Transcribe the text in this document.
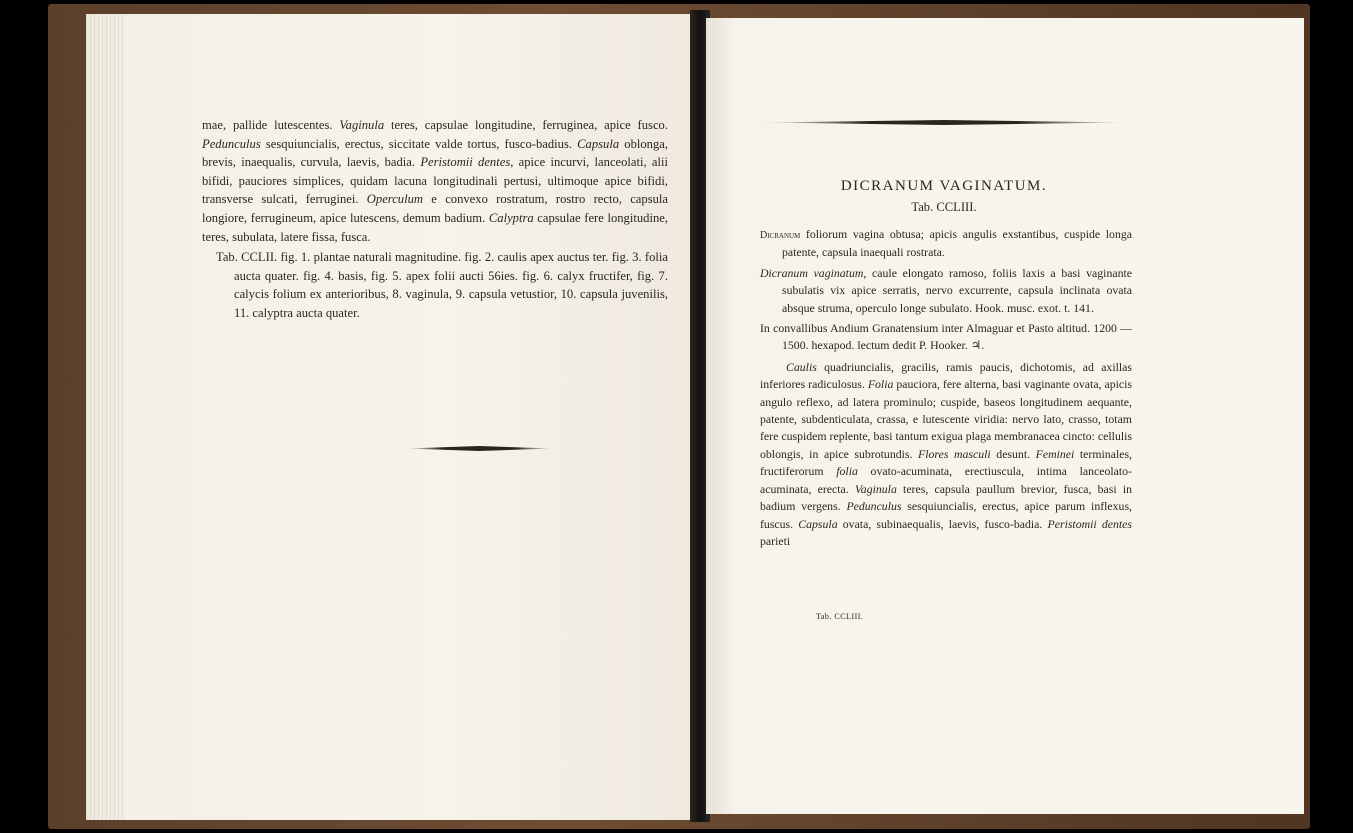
mae, pallide lutescentes. Vaginula teres, capsulae longitudine, ferruginea, apice fusco. Pedunculus sesquiuncialis, erectus, siccitate valde tortus, fusco-badius. Capsula oblonga, brevis, inaequalis, curvula, laevis, badia. Peristomii dentes, apice incurvi, lanceolati, alii bifidi, pauciores simplices, quidam lacuna longitudinali pertusi, ultimoque apice bifidi, transverse sulcati, ferruginei. Operculum e convexo rostratum, rostro recto, capsula longiore, ferrugineum, apice lutescens, demum badium. Calyptra capsulae fere longitudine, teres, subulata, latere fissa, fusca.

Tab. CCLII. fig. 1. plantae naturali magnitudine. fig. 2. caulis apex auctus ter. fig. 3. folia aucta quater. fig. 4. basis, fig. 5. apex folii aucti 56ies. fig. 6. calyx fructifer, fig. 7. calycis folium ex anterioribus, 8. vaginula, 9. capsula vetustior, 10. capsula juvenilis, 11. calyptra aucta quater.

DICRANUM VAGINATUM.
Tab. CCLIII.

Dicranum foliorum vagina obtusa; apicis angulis exstantibus, cuspide longa patente, capsula inaequali rostrata.

Dicranum vaginatum, caule elongato ramoso, foliis laxis a basi vaginante subulatis vix apice serratis, nervo excurrente, capsula inclinata ovata absque struma, operculo longe subulato. Hook. musc. exot. t. 141.

In convallibus Andium Granatensium inter Almaguar et Pasto altitud. 1200 — 1500. hexapod. lectum dedit P. Hooker. ♃.

Caulis quadriuncialis, gracilis, ramis paucis, dichotomis, ad axillas inferiores radiculosus. Folia pauciora, fere alterna, basi vaginante ovata, apicis angulo reflexo, ad latera prominulo; cuspide, baseos longitudinem aequante, patente, subdenticulata, crassa, e lutescente viridia: nervo lato, crasso, totam fere cuspidem replente, basi tantum exigua plaga membranacea cincto: cellulis oblongis, in apice subrotundis. Flores masculi desunt. Feminei terminales, fructiferorum folia ovato-acuminata, erectiuscula, intima lanceolato-acuminata, erecta. Vaginula teres, capsula paullum brevior, fusca, basi in badium vergens. Pedunculus sesquiuncialis, erectus, apice parum inflexus, fuscus. Capsula ovata, subinaequalis, laevis, fusco-badia. Peristomii dentes parieti

Tab. CCLIII.
